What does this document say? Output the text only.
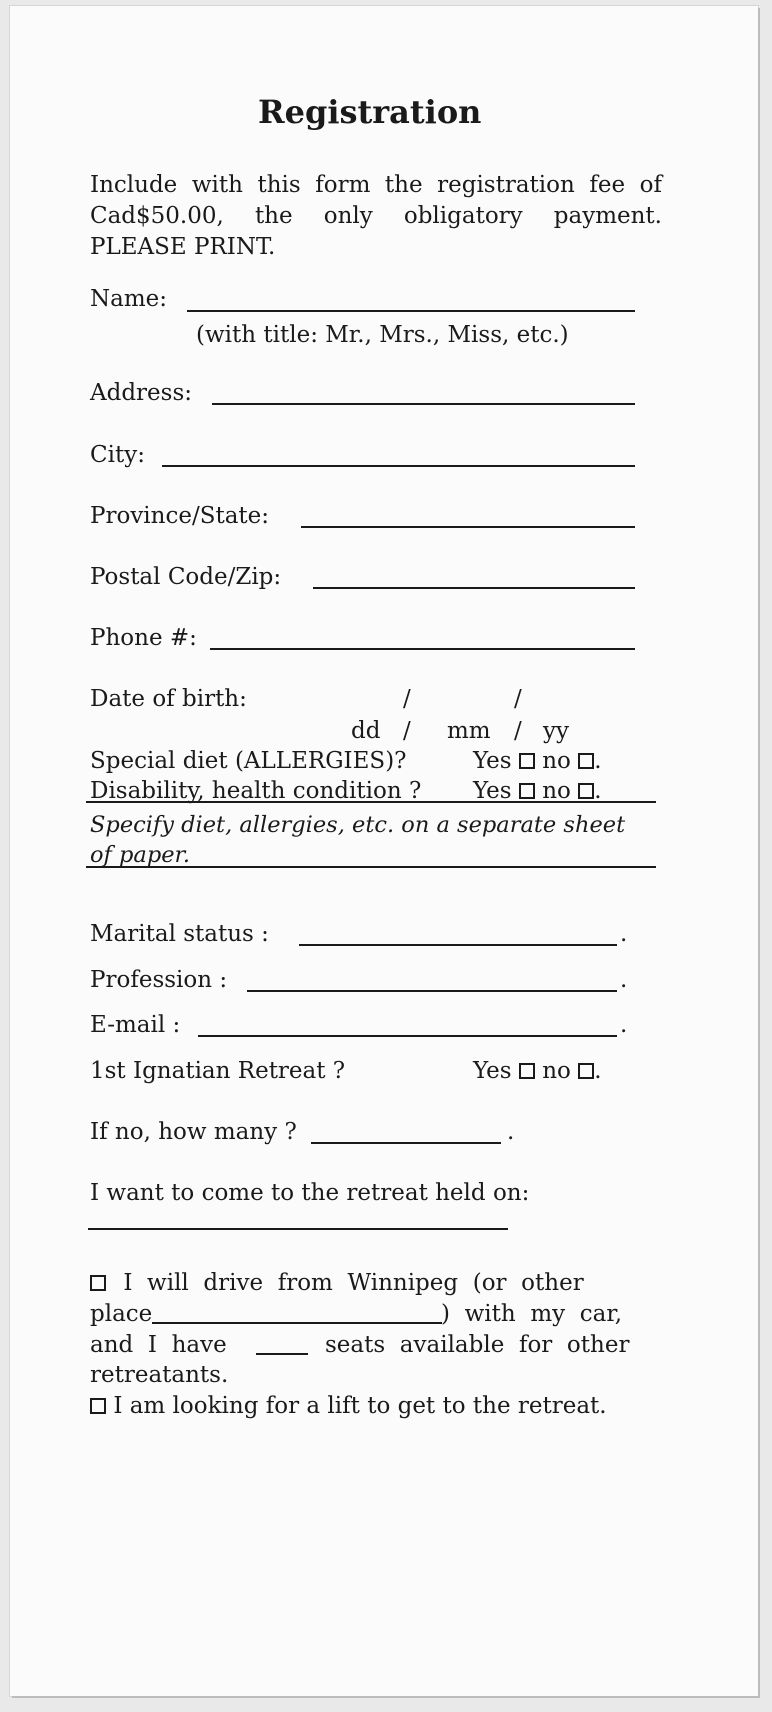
Registration
Include with this form the registration fee of Cad$50.00, the only obligatory payment. PLEASE PRINT.
Name:
(with title: Mr., Mrs., Miss, etc.)
Address:
City:
Province/State:
Postal Code/Zip:
Phone #:
Date of birth:	/	/
dd / mm / yy
Special diet (ALLERGIES)?	Yes no .
Disability, health condition ? Yes no .
Specify diet, allergies, etc. on a separate sheet
of paper.
Marital status :	.
Profession :	.
E-mail :	.
1st Ignatian Retreat ?	Yes no .
If no, how many ?	.
I want to come to the retreat held on:
I  will  drive  from  Winnipeg  (or  other
place	)  with  my  car,
and  I  have	seats  available  for  other
retreatants.
I am looking for a lift to get to the retreat.
